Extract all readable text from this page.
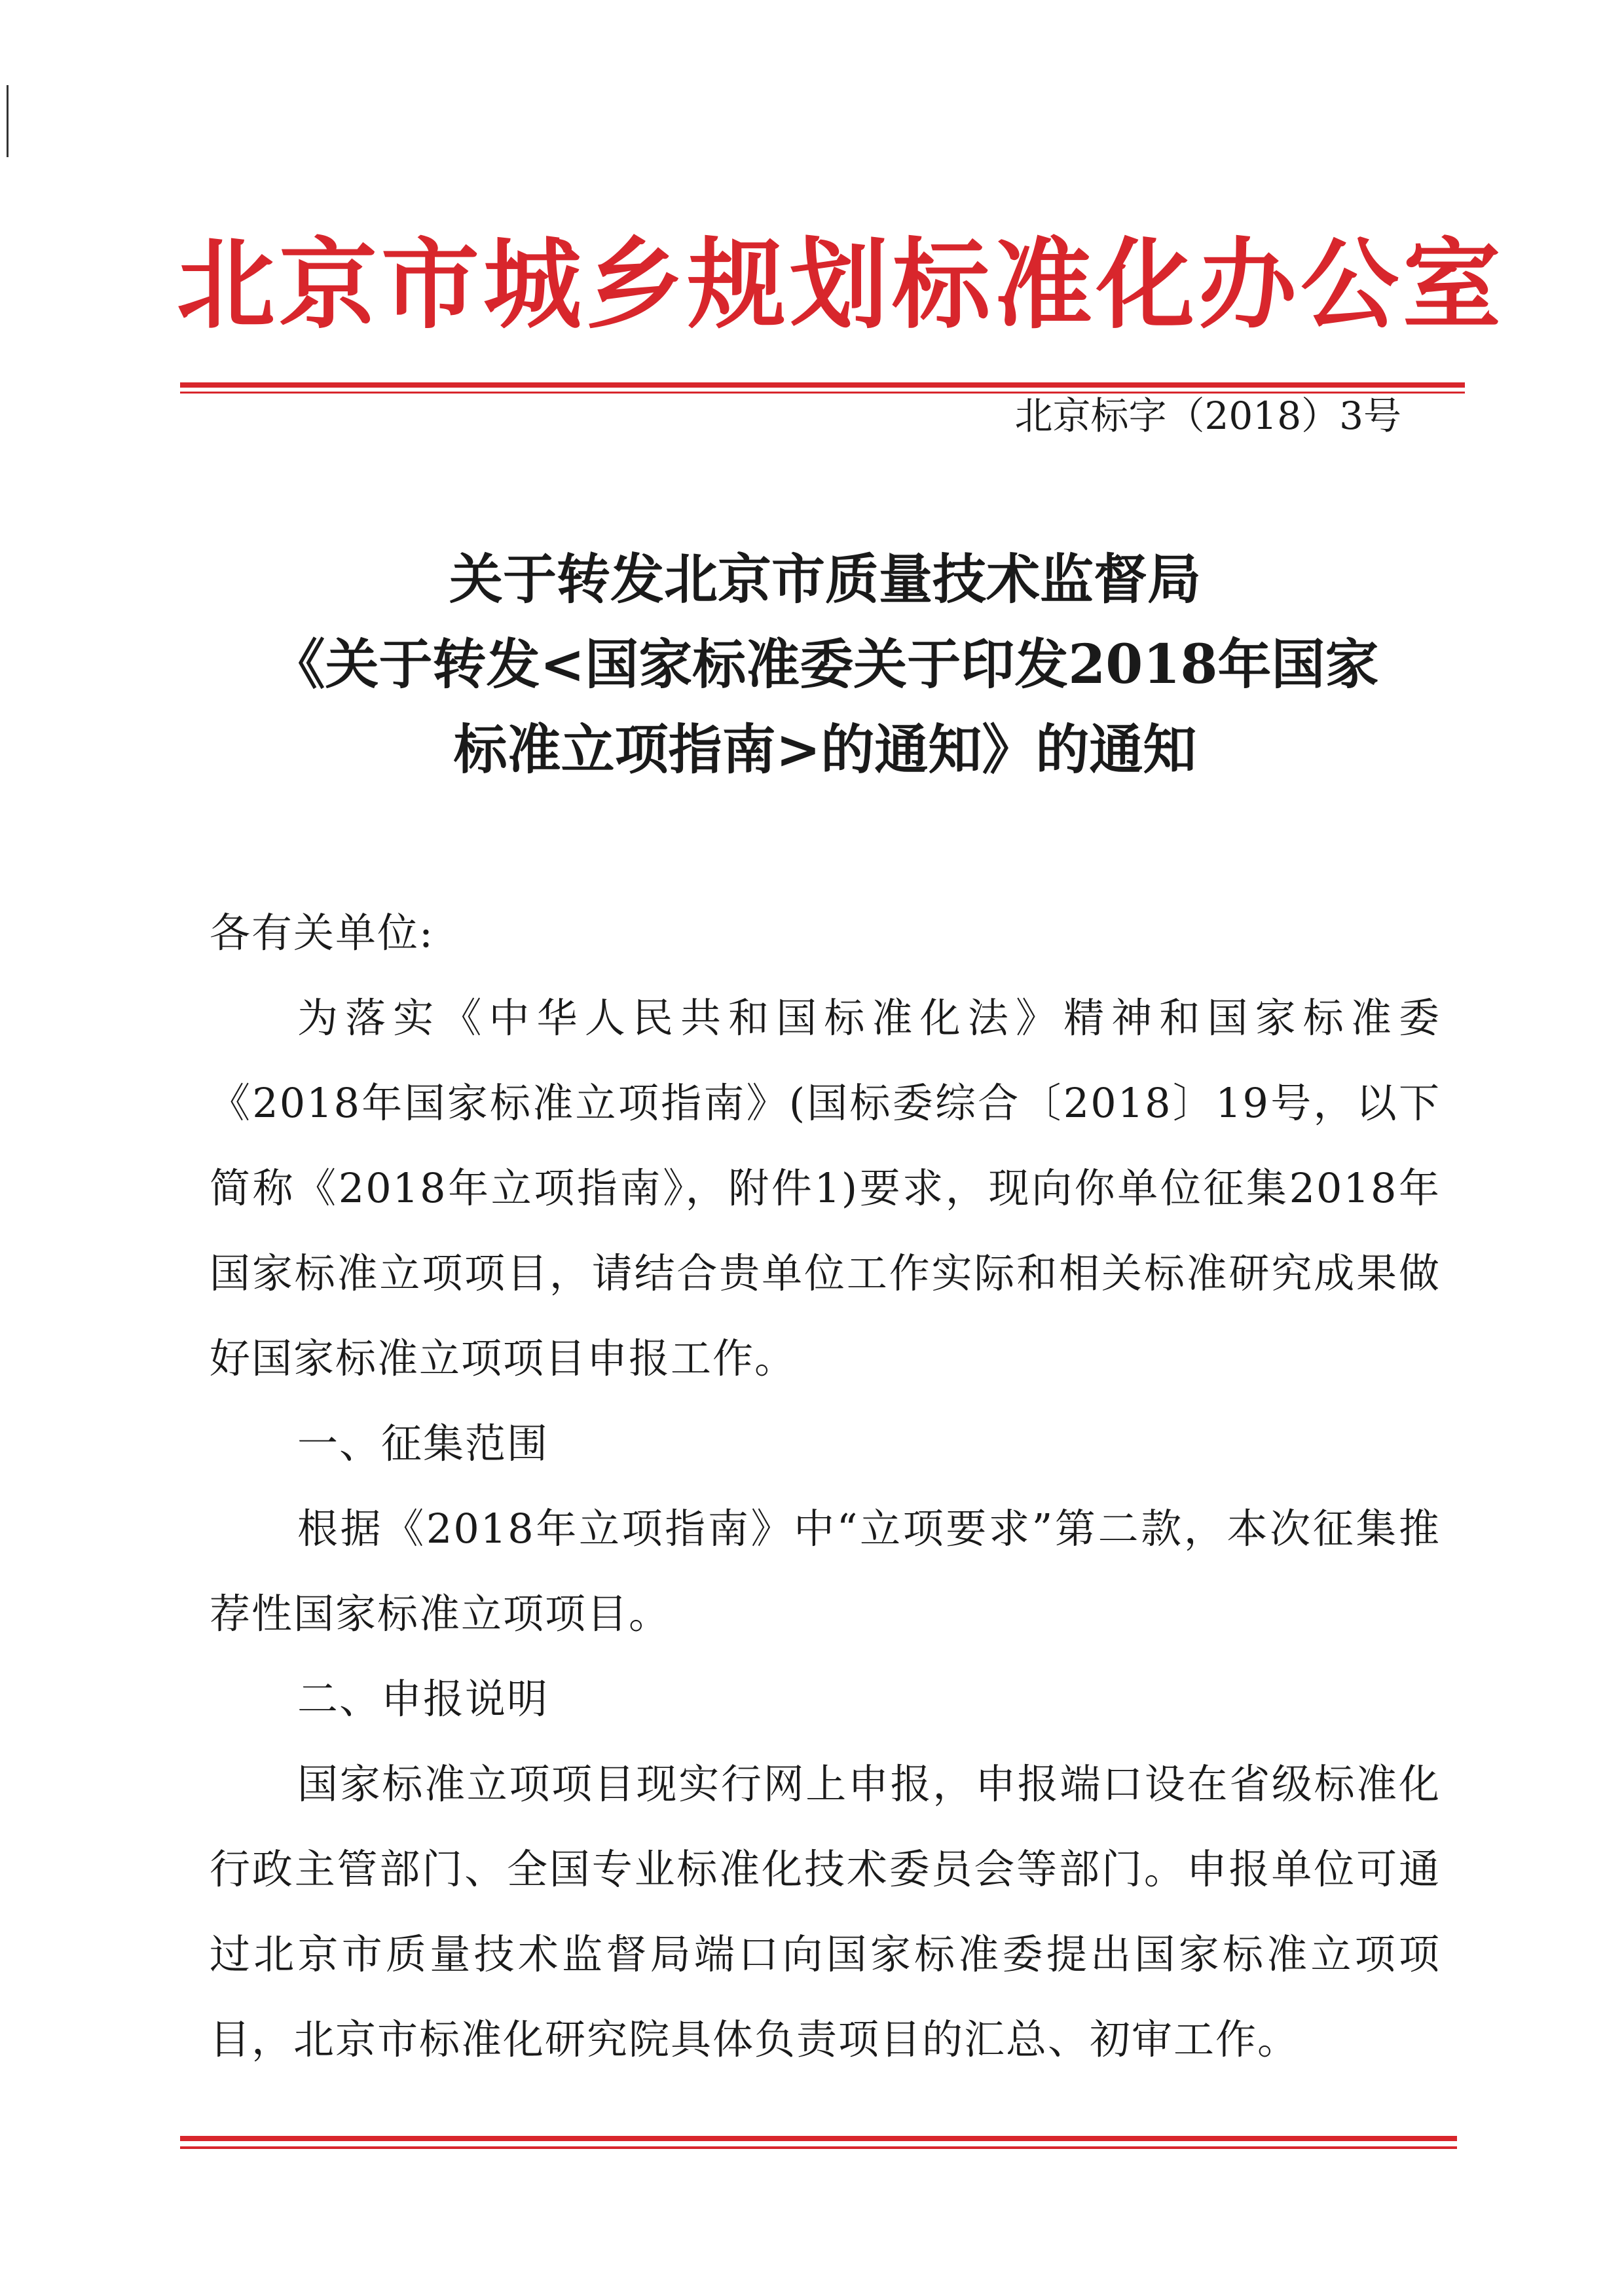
北京市城乡规划标准化办公室
北京标字（2018）3号
关于转发北京市质量技术监督局
《关于转发<国家标准委关于印发2018年国家
标准立项指南>的通知》的通知

各有关单位:

为落实《中华人民共和国标准化法》精神和国家标准委《2018年国家标准立项指南》(国标委综合〔2018〕19号，以下简称《2018年立项指南》，附件1)要求，现向你单位征集2018年国家标准立项项目，请结合贵单位工作实际和相关标准研究成果做好国家标准立项项目申报工作。

一、征集范围

根据《2018年立项指南》中“立项要求”第二款，本次征集推荐性国家标准立项项目。

二、申报说明

国家标准立项项目现实行网上申报，申报端口设在省级标准化行政主管部门、全国专业标准化技术委员会等部门。申报单位可通过北京市质量技术监督局端口向国家标准委提出国家标准立项项目，北京市标准化研究院具体负责项目的汇总、初审工作。
